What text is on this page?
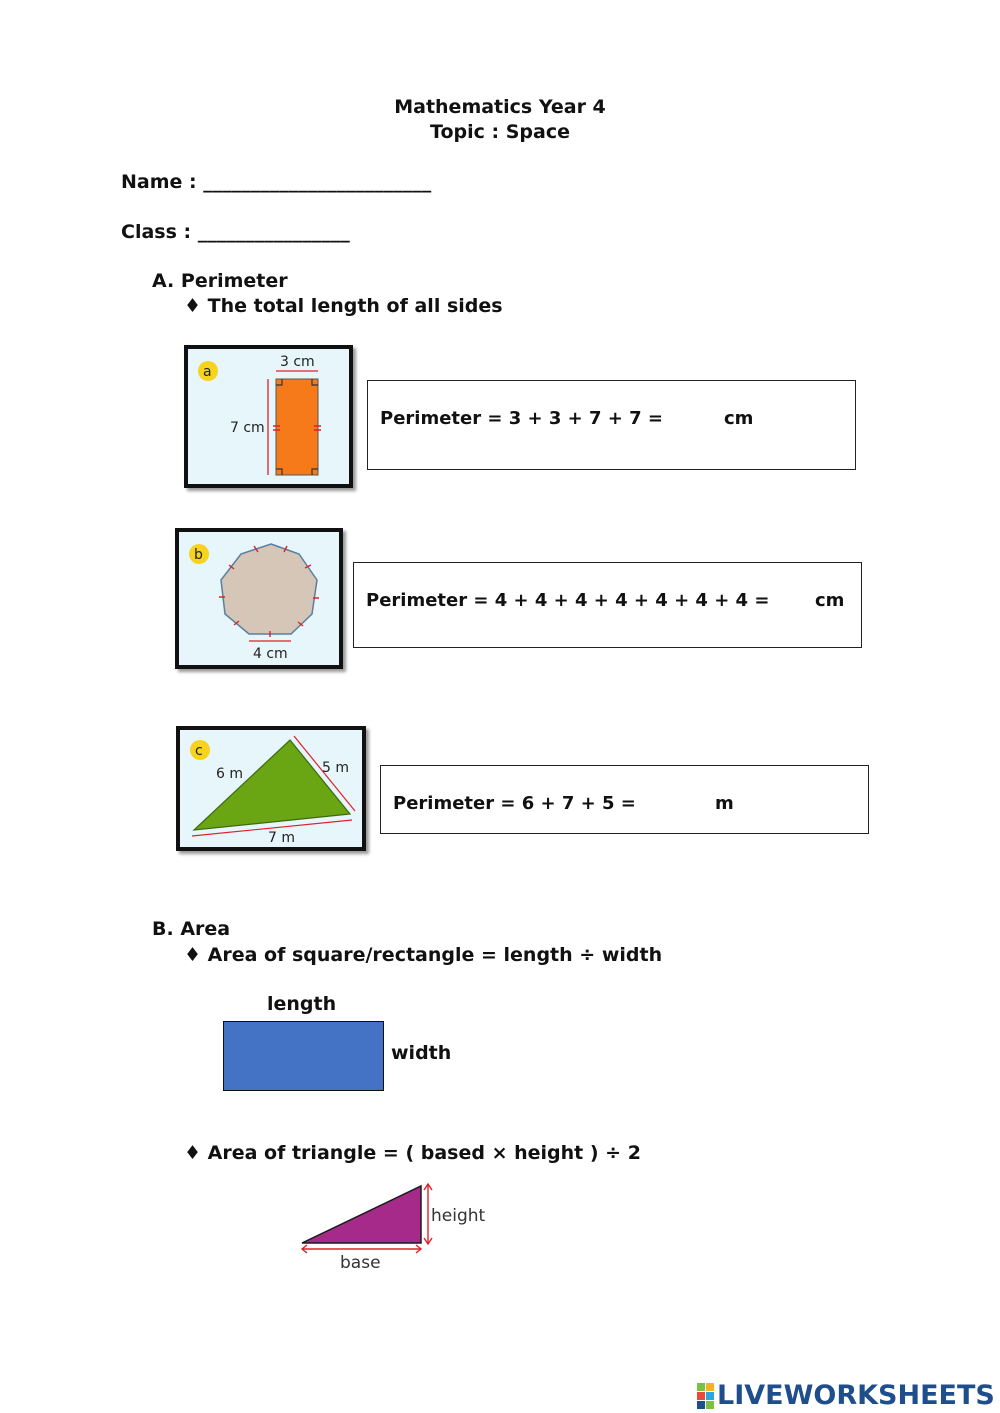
Mathematics Year 4
Topic : Space
Name : ________________________
Class : ________________
A. Perimeter
♦ The total length of all sides
a
3 cm
7 cm	Perimeter = 3 + 3 + 7 + 7 =	cm
b
4 cm
Perimeter = 4 + 4 + 4 + 4 + 4 + 4 + 4 =	cm
c
6 m	5 m
7 m
Perimeter = 6 + 7 + 5 =	m
B. Area
♦ Area of square/rectangle = length ÷ width
length
width
♦ Area of triangle = ( based × height ) ÷ 2
height
base
LIVEWORKSHEETS
